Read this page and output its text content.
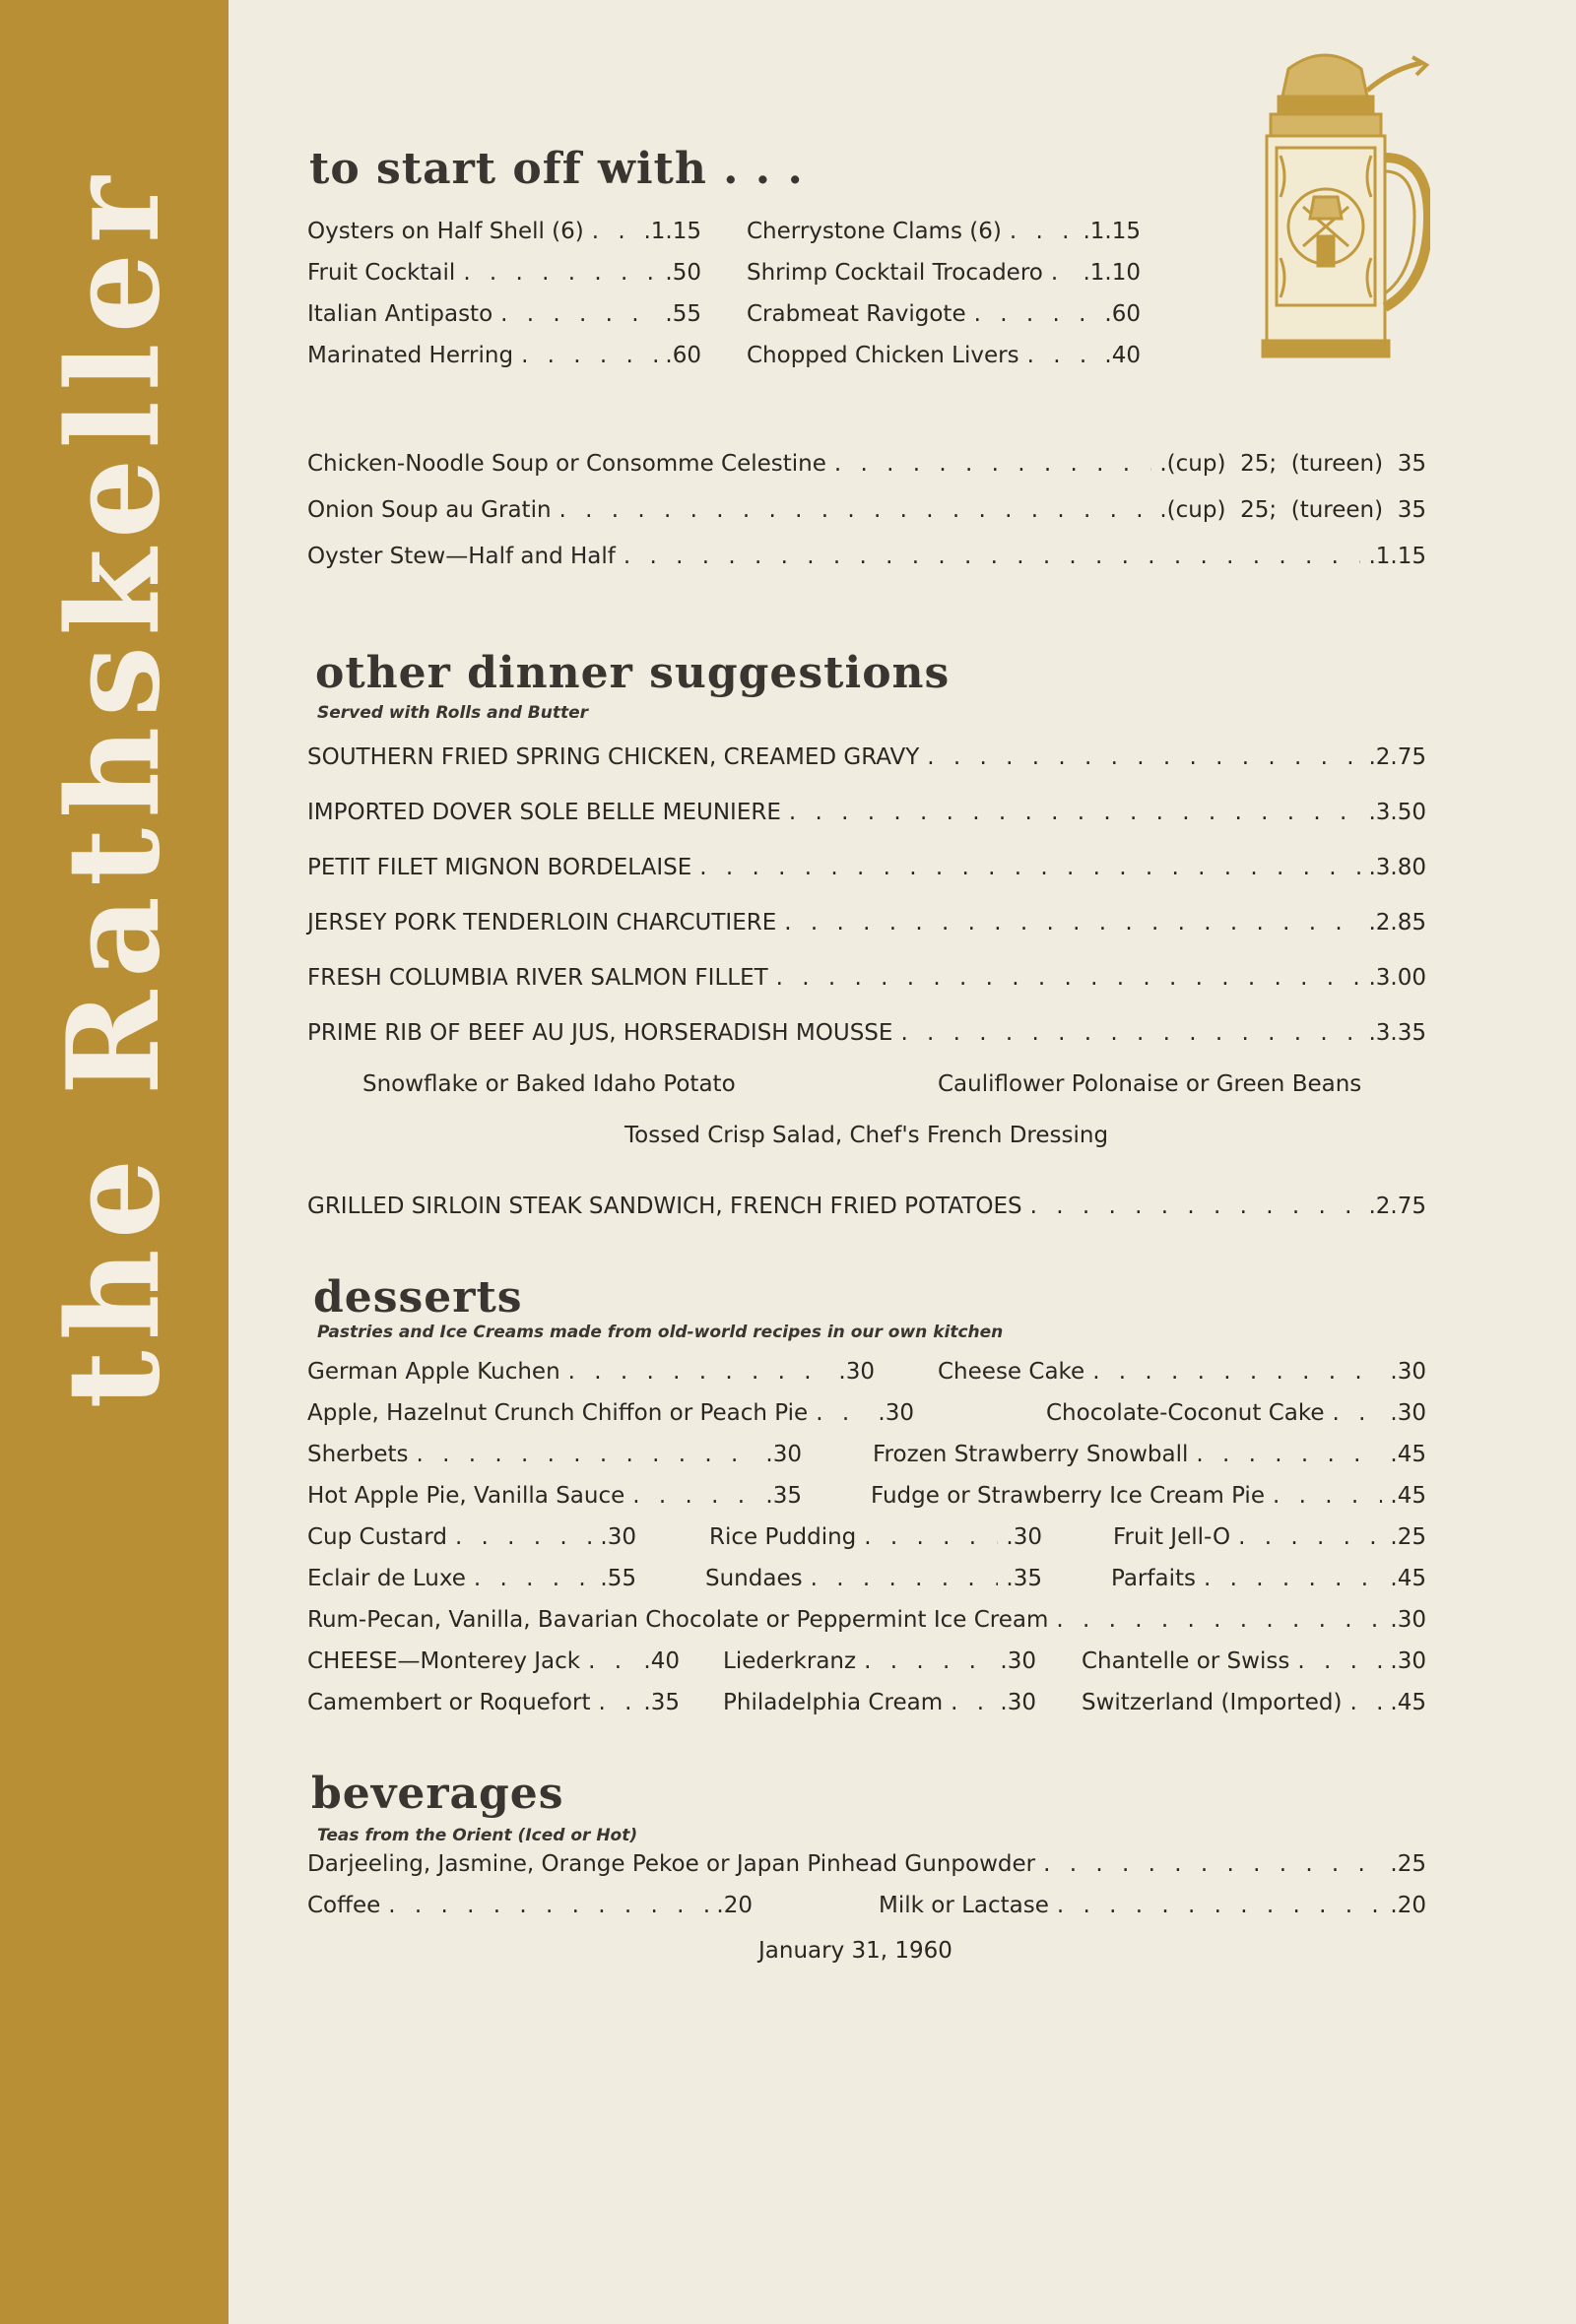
the Rathskeller	to start off with . . .
Oysters on Half Shell (6) . . .	.1.15
Fruit Cocktail . . .	.50
Italian Antipasto . . .	.55
Marinated Herring . . .	.60
Cherrystone Clams (6) . . .	.1.15
Shrimp Cocktail Trocadero . . . .1.10
Crabmeat Ravigote . . .	.60
Chopped Chicken Livers . . .	.40
Chicken-Noodle Soup or Consomme Celestine . . .	.(cup) 25; (tureen) 35
Onion Soup au Gratin . . .	.(cup) 25; (tureen) 35
Oyster Stew—Half and Half . . .	.1.15
other dinner suggestions
Served with Rolls and Butter
SOUTHERN FRIED SPRING CHICKEN, CREAMED GRAVY . . .	.2.75
IMPORTED DOVER SOLE BELLE MEUNIERE . . .	.3.50
PETIT FILET MIGNON BORDELAISE . . .	.3.80
JERSEY PORK TENDERLOIN CHARCUTIERE . . .	.2.85
FRESH COLUMBIA RIVER SALMON FILLET . . .	.3.00
PRIME RIB OF BEEF AU JUS, HORSERADISH MOUSSE . . .	.3.35
Snowflake or Baked Idaho Potato	Cauliflower Polonaise or Green Beans
Tossed Crisp Salad, Chef's French Dressing
GRILLED SIRLOIN STEAK SANDWICH, FRENCH FRIED POTATOES . . .	.2.75
desserts
Pastries and Ice Creams made from old-world recipes in our own kitchen
German Apple Kuchen . . .	.30	Cheese Cake . . .	.30
Apple, Hazelnut Crunch Chiffon or Peach Pie . . .	.30	Chocolate-Coconut Cake . . .	.30
Sherbets . . .	.30	Frozen Strawberry Snowball . . .	.45
Hot Apple Pie, Vanilla Sauce . . .	.35	Fudge or Strawberry Ice Cream Pie . . .	.45
Cup Custard . . .	.30	Rice Pudding . . .	.30	Fruit Jell-O . . .	.25
Eclair de Luxe . . .	.55	Sundaes . . .	.35	Parfaits . . .	.45
Rum-Pecan, Vanilla, Bavarian Chocolate or Peppermint Ice Cream . . .	.30
CHEESE—Monterey Jack . . .	.40 Liederkranz . . .	.30 Chantelle or Swiss . . .	.30
Camembert or Roquefort . . . .35 Philadelphia Cream . . .	.30 Switzerland (Imported) . . . .45
beverages
Teas from the Orient (Iced or Hot)
Darjeeling, Jasmine, Orange Pekoe or Japan Pinhead Gunpowder . . .	.25
Coffee . . .	.20	Milk or Lactase . . .	.20
January 31, 1960
